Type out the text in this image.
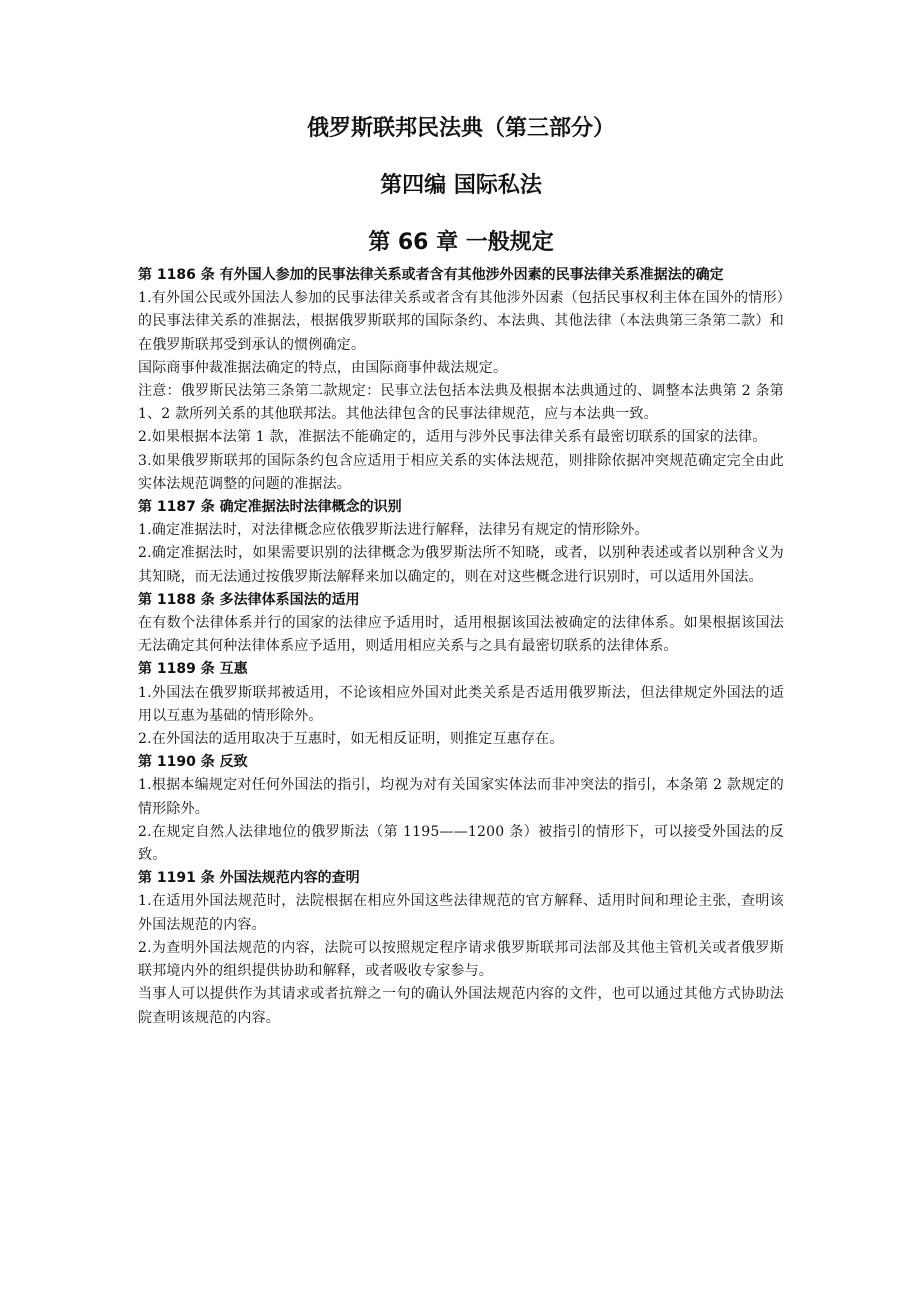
俄罗斯联邦民法典（第三部分）
第四编 国际私法
第 66 章 一般规定

第 1186 条 有外国人参加的民事法律关系或者含有其他涉外因素的民事法律关系准据法的确定

1.有外国公民或外国法人参加的民事法律关系或者含有其他涉外因素（包括民事权利主体在国外的情形）的民事法律关系的准据法，根据俄罗斯联邦的国际条约、本法典、其他法律（本法典第三条第二款）和在俄罗斯联邦受到承认的惯例确定。

国际商事仲裁准据法确定的特点，由国际商事仲裁法规定。

注意：俄罗斯民法第三条第二款规定：民事立法包括本法典及根据本法典通过的、调整本法典第 2 条第 1、2 款所列关系的其他联邦法。其他法律包含的民事法律规范，应与本法典一致。

2.如果根据本法第 1 款，准据法不能确定的，适用与涉外民事法律关系有最密切联系的国家的法律。

3.如果俄罗斯联邦的国际条约包含应适用于相应关系的实体法规范，则排除依据冲突规范确定完全由此实体法规范调整的问题的准据法。

第 1187 条 确定准据法时法律概念的识别

1.确定准据法时，对法律概念应依俄罗斯法进行解释，法律另有规定的情形除外。

2.确定准据法时，如果需要识别的法律概念为俄罗斯法所不知晓，或者，以别种表述或者以别种含义为其知晓，而无法通过按俄罗斯法解释来加以确定的，则在对这些概念进行识别时，可以适用外国法。

第 1188 条 多法律体系国法的适用

在有数个法律体系并行的国家的法律应予适用时，适用根据该国法被确定的法律体系。如果根据该国法无法确定其何种法律体系应予适用，则适用相应关系与之具有最密切联系的法律体系。

第 1189 条 互惠

1.外国法在俄罗斯联邦被适用，不论该相应外国对此类关系是否适用俄罗斯法，但法律规定外国法的适用以互惠为基础的情形除外。

2.在外国法的适用取决于互惠时，如无相反证明，则推定互惠存在。

第 1190 条 反致

1.根据本编规定对任何外国法的指引，均视为对有关国家实体法而非冲突法的指引，本条第 2 款规定的情形除外。

2.在规定自然人法律地位的俄罗斯法（第 1195——1200 条）被指引的情形下，可以接受外国法的反致。

第 1191 条 外国法规范内容的查明

1.在适用外国法规范时，法院根据在相应外国这些法律规范的官方解释、适用时间和理论主张，查明该外国法规范的内容。

2.为查明外国法规范的内容，法院可以按照规定程序请求俄罗斯联邦司法部及其他主管机关或者俄罗斯联邦境内外的组织提供协助和解释，或者吸收专家参与。

当事人可以提供作为其请求或者抗辩之一句的确认外国法规范内容的文件，也可以通过其他方式协助法院查明该规范的内容。
